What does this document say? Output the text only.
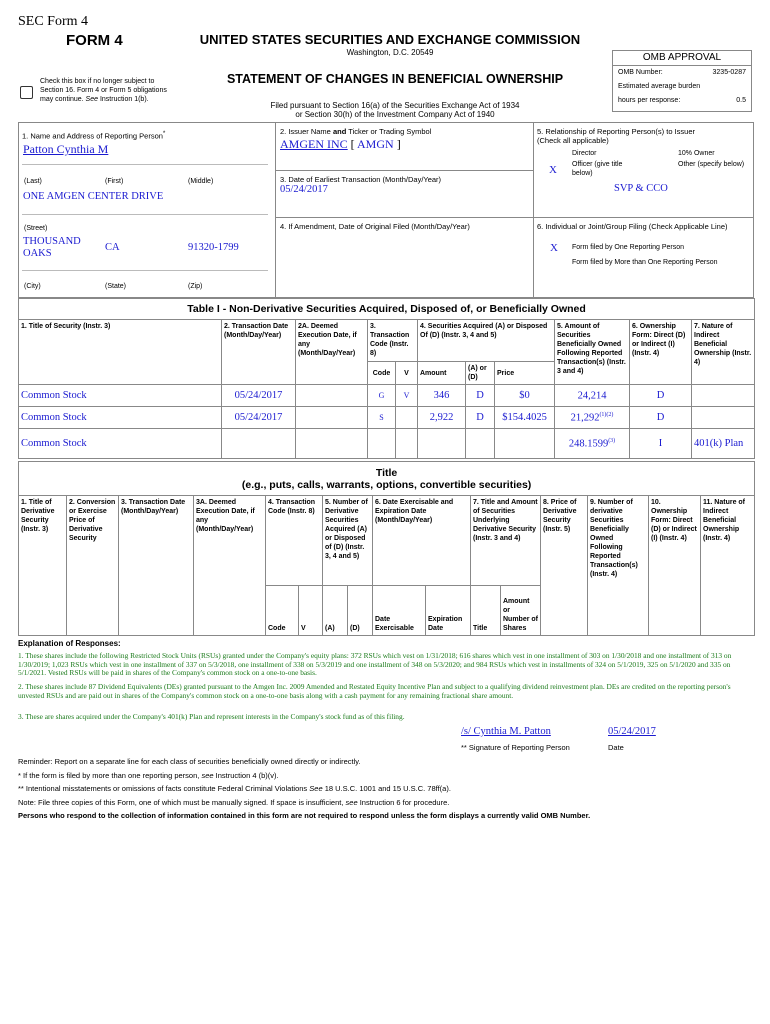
SEC Form 4
FORM 4	UNITED STATES SECURITIES AND EXCHANGE COMMISSION
Washington, D.C. 20549
Check this box if no longer subject to Section 16. Form 4 or Form 5 obligations may continue. See Instruction 1(b).
STATEMENT OF CHANGES IN BENEFICIAL OWNERSHIP
Filed pursuant to Section 16(a) of the Securities Exchange Act of 1934
or Section 30(h) of the Investment Company Act of 1940
OMB APPROVAL
OMB Number:	3235-0287
Estimated average burden
hours per response:	0.5
1. Name and Address of Reporting Person*
Patton Cynthia M
(Last)	(First)	(Middle)
ONE AMGEN CENTER DRIVE
(Street)
THOUSAND OAKS
CA	91320-1799
(City)	(State)	(Zip)
2. Issuer Name and Ticker or Trading Symbol
AMGEN INC [ AMGN ]
3. Date of Earliest Transaction (Month/Day/Year)
05/24/2017
4. If Amendment, Date of Original Filed (Month/Day/Year)
5. Relationship of Reporting Person(s) to Issuer
(Check all applicable)
Director	10% Owner
X Officer (give title below)
Other (specify below)
SVP & CCO
6. Individual or Joint/Group Filing (Check Applicable Line)
X Form filed by One Reporting Person
Form filed by More than One Reporting Person
Table I - Non-Derivative Securities Acquired, Disposed of, or Beneficially Owned										
1. Title of Security (Instr. 3)	2. Transaction Date (Month/Day/Year)	2A. Deemed Execution Date, if any (Month/Day/Year)	3. Transaction Code (Instr. 8)		4. Securities Acquired (A) or Disposed Of (D) (Instr. 3, 4 and 5)			5. Amount of Securities Beneficially Owned Following Reported Transaction(s) (Instr. 3 and 4)	6. Ownership Form: Direct (D) or Indirect (I) (Instr. 4)	7. Nature of Indirect Beneficial Ownership (Instr. 4)
			Code	V	Amount	(A) or (D)	Price			
Common Stock	05/24/2017		G	V	346	D	$0	24,214	D	
Common Stock	05/24/2017		S		2,922	D	$154.4025	$21,292^{(1)(2)}$	D	
Common Stock								248.1599$^{(3)}$	I	401(k) Plan
Title
(e.g., puts, calls, warrants, options, convertible securities)															

1. Title of Derivative Security (Instr. 3)	2. Conversion or Exercise Price of Derivative Security	3. Transaction Date (Month/Day/Year)	3A. Deemed Execution Date, if any (Month/Day/Year)	4. Transaction Code (Instr. 8)		5. Number of Derivative Securities Acquired (A) or Disposed of (D) (Instr. 3, 4 and 5)		6. Date Exercisable and Expiration Date (Month/Day/Year)		7. Title and Amount of Securities Underlying Derivative Security (Instr. 3 and 4)		8. Price of Derivative Security (Instr. 5)	9. Number of derivative Securities Beneficially Owned Following Reported Transaction(s) (Instr. 4)	10. Ownership Form: Direct (D) or Indirect (I) (Instr. 4)	11. Nature of Indirect Beneficial Ownership (Instr. 4)
				Code	V	(A)	(D)	Date Exercisable	Expiration Date	Title	Amount or Number of Shares				
Explanation of Responses:
1. These shares include the following Restricted Stock Units (RSUs) granted under the Company's equity plans: 372 RSUs which vest on 1/31/2018; 616 shares which vest in one installment of 303 on 1/30/2018 and one installment of 313 on 1/30/2019; 1,023 RSUs which vest in one installment of 337 on 5/3/2018, one installment of 338 on 5/3/2019 and one installment of 348 on 5/3/2020; and 984 RSUs which vest in installments of 324 on 5/1/2019, 325 on 5/1/2020 and 335 on 5/1/2021. Vested RSUs will be paid in shares of the Company's common stock on a one-to-one basis.
2. These shares include 87 Dividend Equivalents (DEs) granted pursuant to the Amgen Inc. 2009 Amended and Restated Equity Incentive Plan and subject to a qualifying dividend reinvestment plan. DEs are credited on the reporting person's unvested RSUs and are paid out in shares of the Company's common stock on a one-to-one basis along with a cash payment for any remaining fractional share amount.
3. These are shares acquired under the Company's 401(k) Plan and represent interests in the Company's stock fund as of this filing.
/s/ Cynthia M. Patton	05/24/2017
** Signature of Reporting Person	Date
Reminder: Report on a separate line for each class of securities beneficially owned directly or indirectly.
* If the form is filed by more than one reporting person, see Instruction 4 (b)(v).
** Intentional misstatements or omissions of facts constitute Federal Criminal Violations See 18 U.S.C. 1001 and 15 U.S.C. 78ff(a).
Note: File three copies of this Form, one of which must be manually signed. If space is insufficient, see Instruction 6 for procedure.
Persons who respond to the collection of information contained in this form are not required to respond unless the form displays a currently valid OMB Number.
